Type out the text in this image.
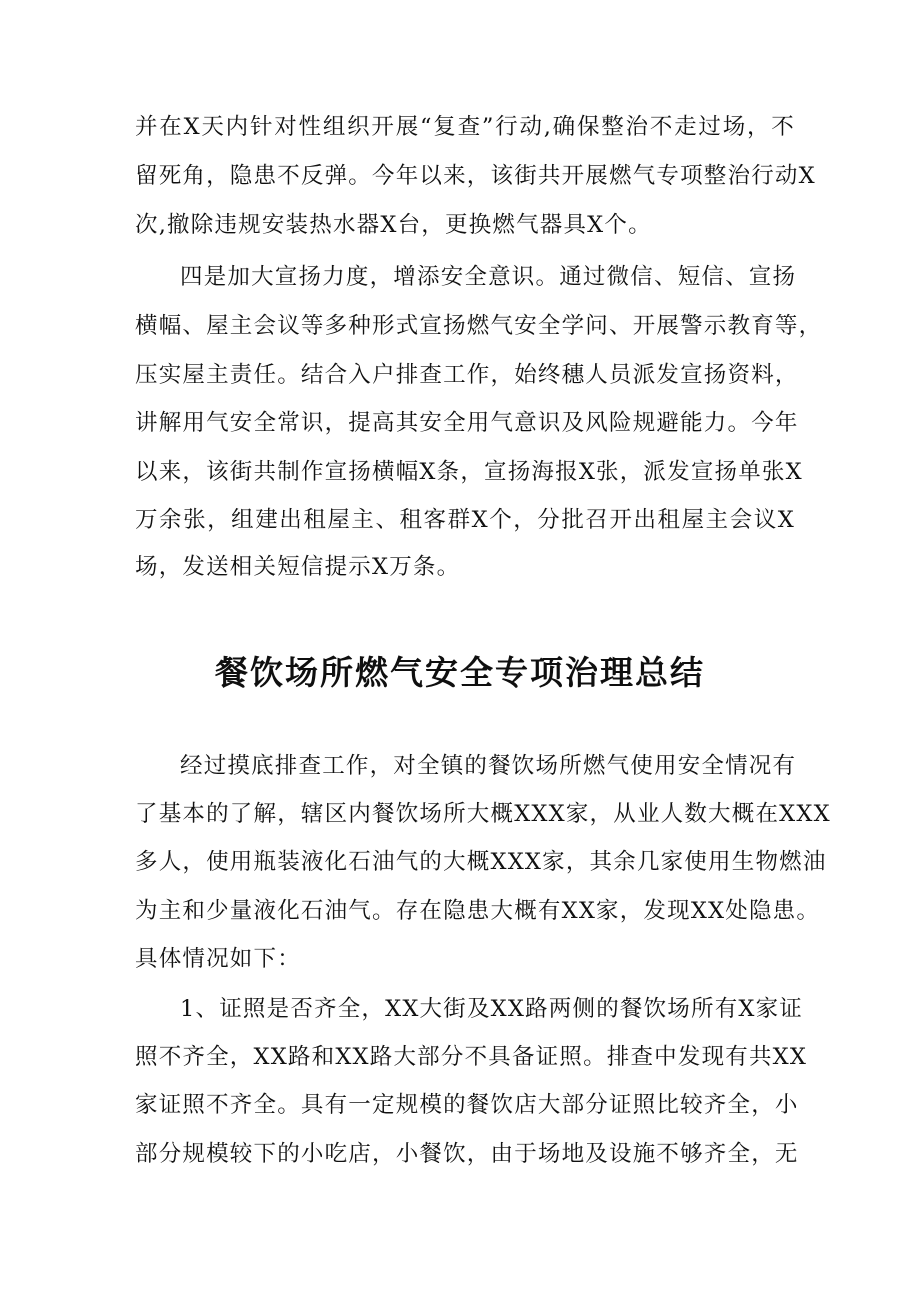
并在X天内针对性组织开展“复查”行动,确保整治不走过场，不
留死角，隐患不反弹。今年以来，该街共开展燃气专项整治行动X
次,撤除违规安装热水器X台，更换燃气器具X个。
四是加大宣扬力度，增添安全意识。通过微信、短信、宣扬
横幅、屋主会议等多种形式宣扬燃气安全学问、开展警示教育等，
压实屋主责任。结合入户排查工作，始终穗人员派发宣扬资料，
讲解用气安全常识，提高其安全用气意识及风险规避能力。今年
以来，该街共制作宣扬横幅X条，宣扬海报X张，派发宣扬单张X
万余张，组建出租屋主、租客群X个，分批召开出租屋主会议X
场，发送相关短信提示X万条。
餐饮场所燃气安全专项治理总结
经过摸底排查工作，对全镇的餐饮场所燃气使用安全情况有
了基本的了解，辖区内餐饮场所大概XXX家，从业人数大概在XXX
多人，使用瓶装液化石油气的大概XXX家，其余几家使用生物燃油
为主和少量液化石油气。存在隐患大概有XX家，发现XX处隐患。
具体情况如下：
1、证照是否齐全，XX大街及XX路两侧的餐饮场所有X家证
照不齐全，XX路和XX路大部分不具备证照。排查中发现有共XX
家证照不齐全。具有一定规模的餐饮店大部分证照比较齐全，小
部分规模较下的小吃店，小餐饮，由于场地及设施不够齐全，无
